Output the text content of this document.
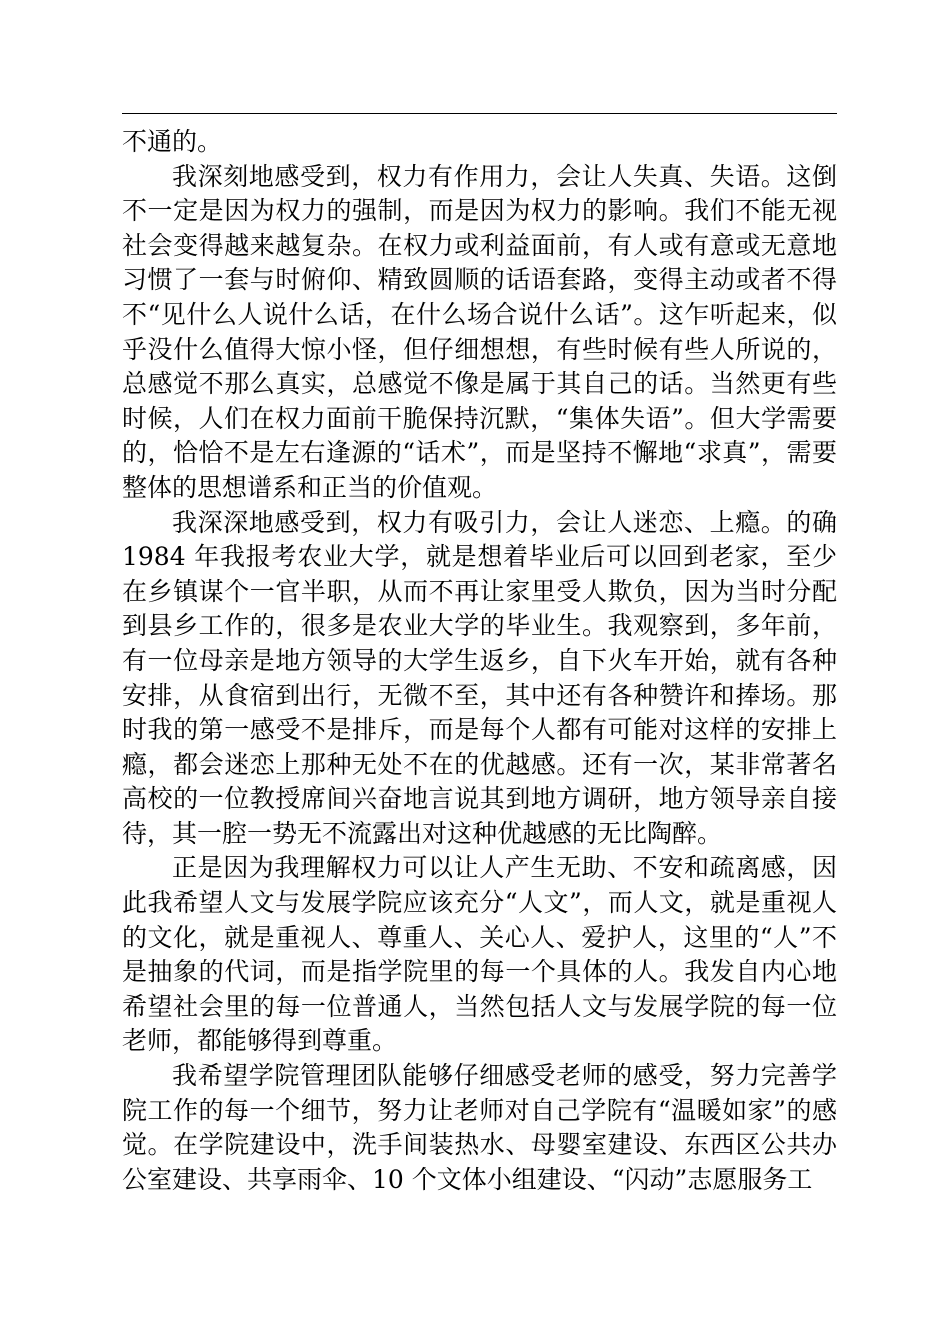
不通的。

我深刻地感受到，权力有作用力，会让人失真、失语。这倒不一定是因为权力的强制，而是因为权力的影响。我们不能无视社会变得越来越复杂。在权力或利益面前，有人或有意或无意地习惯了一套与时俯仰、精致圆顺的话语套路，变得主动或者不得不“见什么人说什么话，在什么场合说什么话”。这乍听起来，似乎没什么值得大惊小怪，但仔细想想，有些时候有些人所说的，总感觉不那么真实，总感觉不像是属于其自己的话。当然更有些时候，人们在权力面前干脆保持沉默，“集体失语”。但大学需要的，恰恰不是左右逢源的“话术”，而是坚持不懈地“求真”，需要整体的思想谱系和正当的价值观。

我深深地感受到，权力有吸引力，会让人迷恋、上瘾。的确1984 年我报考农业大学，就是想着毕业后可以回到老家，至少在乡镇谋个一官半职，从而不再让家里受人欺负，因为当时分配到县乡工作的，很多是农业大学的毕业生。我观察到，多年前，有一位母亲是地方领导的大学生返乡，自下火车开始，就有各种安排，从食宿到出行，无微不至，其中还有各种赞许和捧场。那时我的第一感受不是排斥，而是每个人都有可能对这样的安排上瘾，都会迷恋上那种无处不在的优越感。还有一次，某非常著名高校的一位教授席间兴奋地言说其到地方调研，地方领导亲自接待，其一腔一势无不流露出对这种优越感的无比陶醉。

正是因为我理解权力可以让人产生无助、不安和疏离感，因此我希望人文与发展学院应该充分“人文”，而人文，就是重视人的文化，就是重视人、尊重人、关心人、爱护人，这里的“人”不是抽象的代词，而是指学院里的每一个具体的人。我发自内心地希望社会里的每一位普通人，当然包括人文与发展学院的每一位老师，都能够得到尊重。

我希望学院管理团队能够仔细感受老师的感受，努力完善学院工作的每一个细节，努力让老师对自己学院有“温暖如家”的感觉。在学院建设中，洗手间装热水、母婴室建设、东西区公共办公室建设、共享雨伞、10 个文体小组建设、“闪动”志愿服务工
